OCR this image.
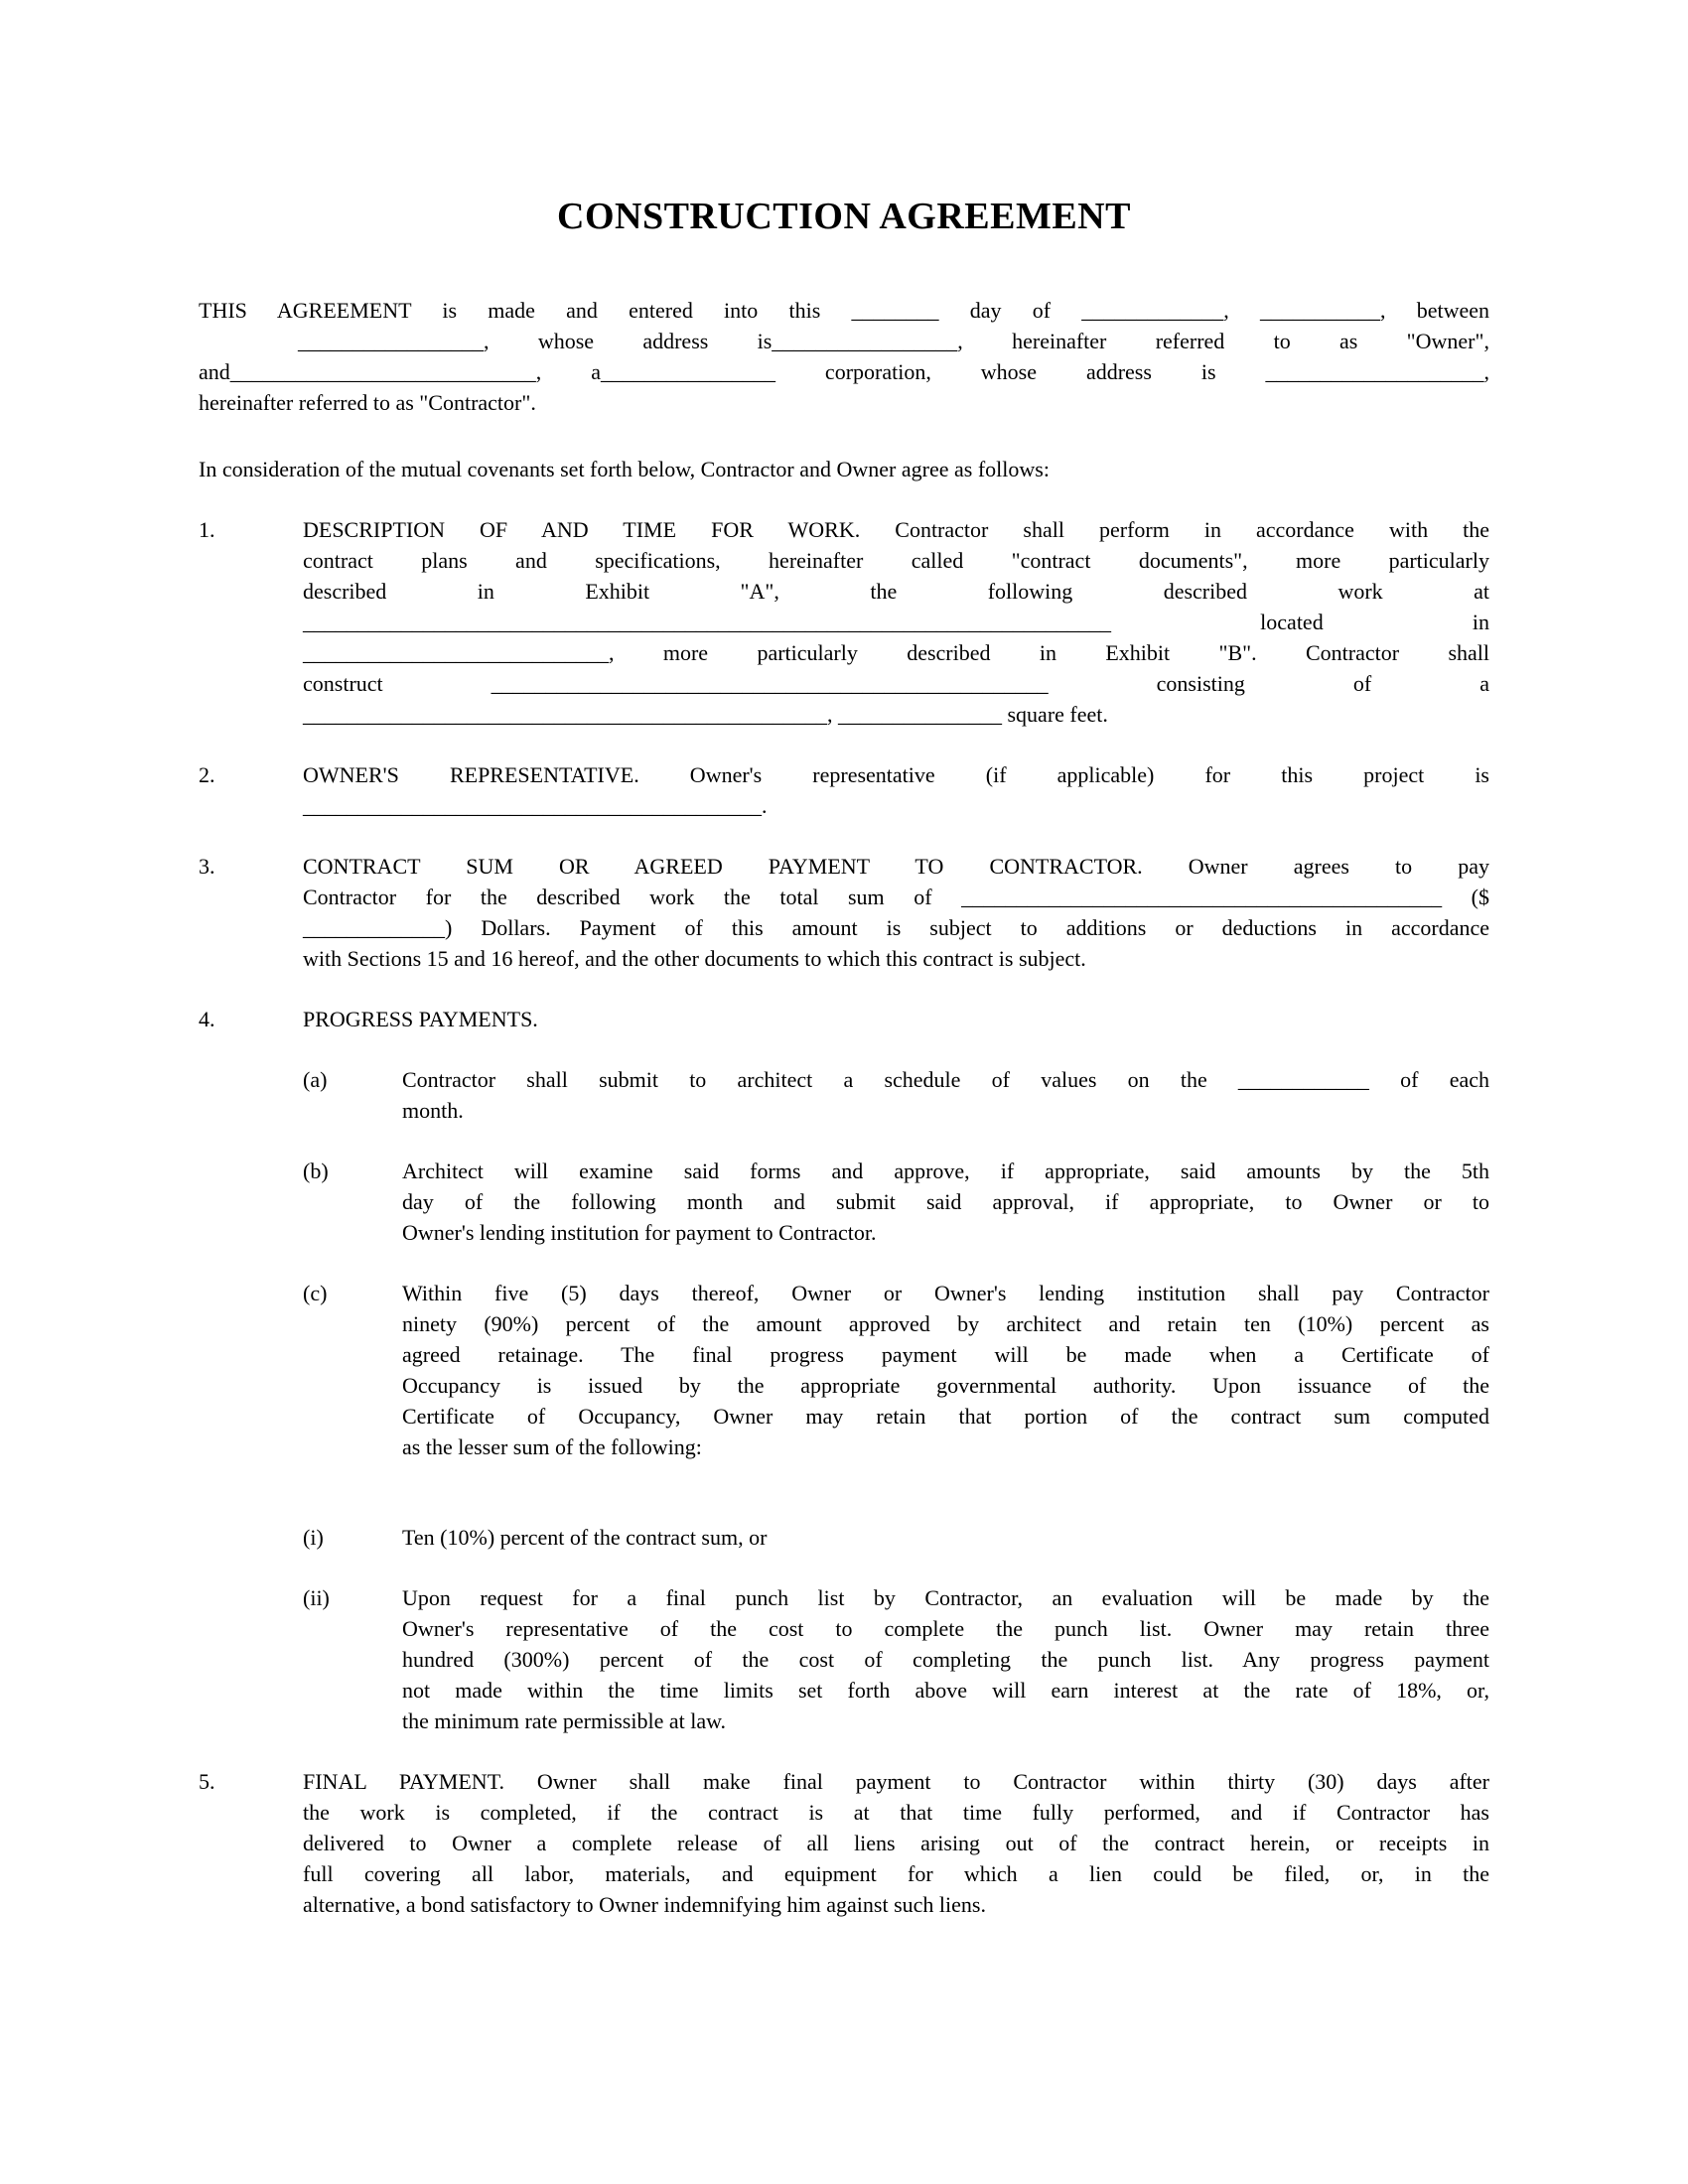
CONSTRUCTION AGREEMENT
THIS AGREEMENT is made and entered into this ________ day of _____________, ___________, between
_________________, whose address is_________________, hereinafter referred to as "Owner",
and____________________________, a________________ corporation, whose address is ____________________,
hereinafter referred to as "Contractor".
In consideration of the mutual covenants set forth below, Contractor and Owner agree as follows:
1.	DESCRIPTION OF AND TIME FOR WORK. Contractor shall perform in accordance with the
contract plans and specifications, hereinafter called "contract documents", more particularly
described in Exhibit "A", the following described work at
__________________________________________________________________________ located in
____________________________, more particularly described in Exhibit "B". Contractor shall
construct ___________________________________________________ consisting of a
________________________________________________, _______________ square feet.
2.	OWNER'S REPRESENTATIVE. Owner's representative (if applicable) for this project is
__________________________________________.
3.	CONTRACT SUM OR AGREED PAYMENT TO CONTRACTOR. Owner agrees to pay
Contractor for the described work the total sum of ____________________________________________ ($
_____________) Dollars. Payment of this amount is subject to additions or deductions in accordance
with Sections 15 and 16 hereof, and the other documents to which this contract is subject.
4.	PROGRESS PAYMENTS.
(a)	Contractor shall submit to architect a schedule of values on the ____________ of each
month.
(b)	Architect will examine said forms and approve, if appropriate, said amounts by the 5th
day of the following month and submit said approval, if appropriate, to Owner or to
Owner's lending institution for payment to Contractor.
(c)	Within five (5) days thereof, Owner or Owner's lending institution shall pay Contractor
ninety (90%) percent of the amount approved by architect and retain ten (10%) percent as
agreed retainage. The final progress payment will be made when a Certificate of
Occupancy is issued by the appropriate governmental authority. Upon issuance of the
Certificate of Occupancy, Owner may retain that portion of the contract sum computed
as the lesser sum of the following:
(i)	Ten (10%) percent of the contract sum, or
(ii)	Upon request for a final punch list by Contractor, an evaluation will be made by the
Owner's representative of the cost to complete the punch list. Owner may retain three
hundred (300%) percent of the cost of completing the punch list. Any progress payment
not made within the time limits set forth above will earn interest at the rate of 18%, or,
the minimum rate permissible at law.
5.	FINAL PAYMENT. Owner shall make final payment to Contractor within thirty (30) days after
the work is completed, if the contract is at that time fully performed, and if Contractor has
delivered to Owner a complete release of all liens arising out of the contract herein, or receipts in
full covering all labor, materials, and equipment for which a lien could be filed, or, in the
alternative, a bond satisfactory to Owner indemnifying him against such liens.
